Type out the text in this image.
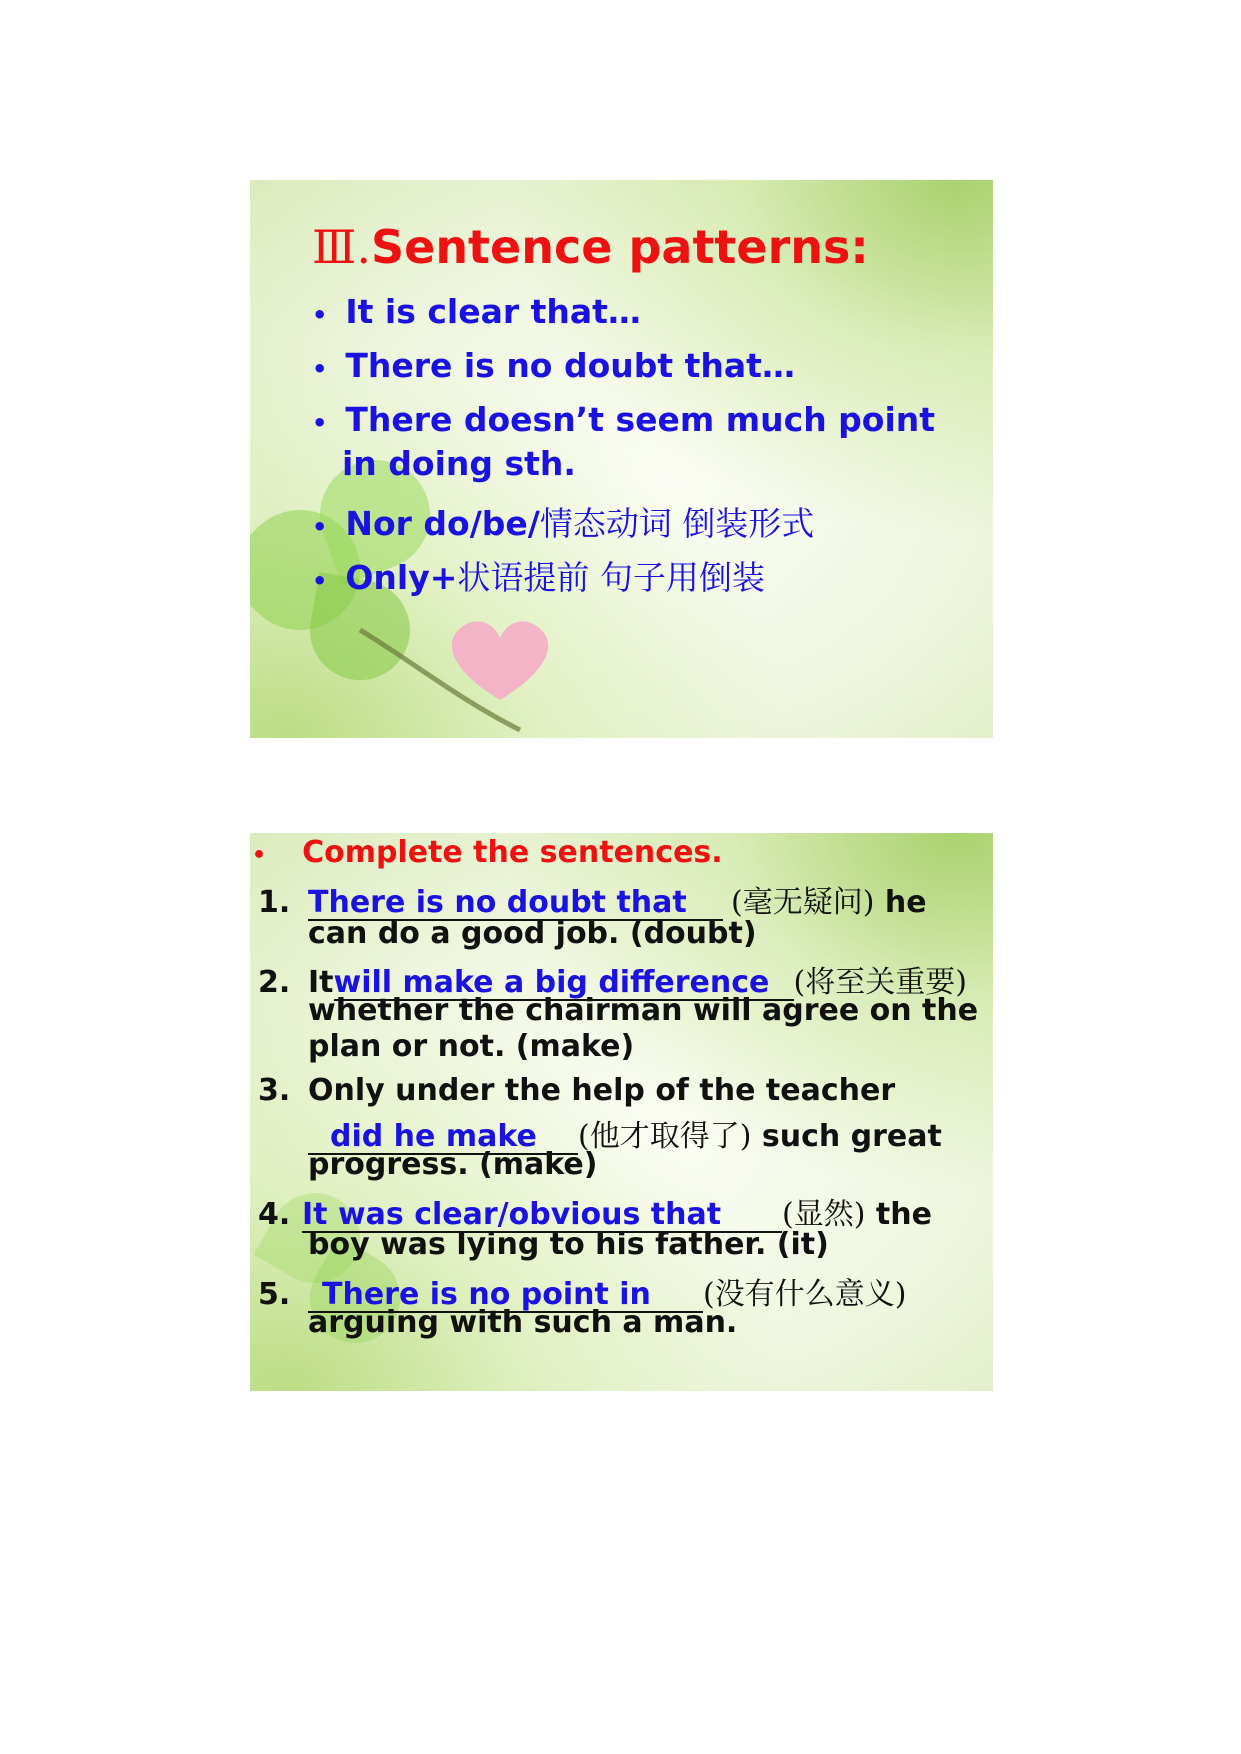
Ⅲ.Sentence patterns:
• It is clear that…
• There is no doubt that…
• There doesn’t seem much point
in doing sth.
• Nor do/be/情态动词 倒装形式
• Only+状语提前 句子用倒装
• Complete the sentences.
1. There is no doubt that (毫无疑问) he
can do a good job. (doubt)
2. Itwill make a big difference(将至关重要)
whether the chairman will agree on the
plan or not. (make)
3. Only under the help of the teacher
did he make (他才取得了) such great
progress. (make)
4. It was clear/obvious that (显然) the
boy was lying to his father. (it)
5. There is no point in (没有什么意义)
arguing with such a man.
